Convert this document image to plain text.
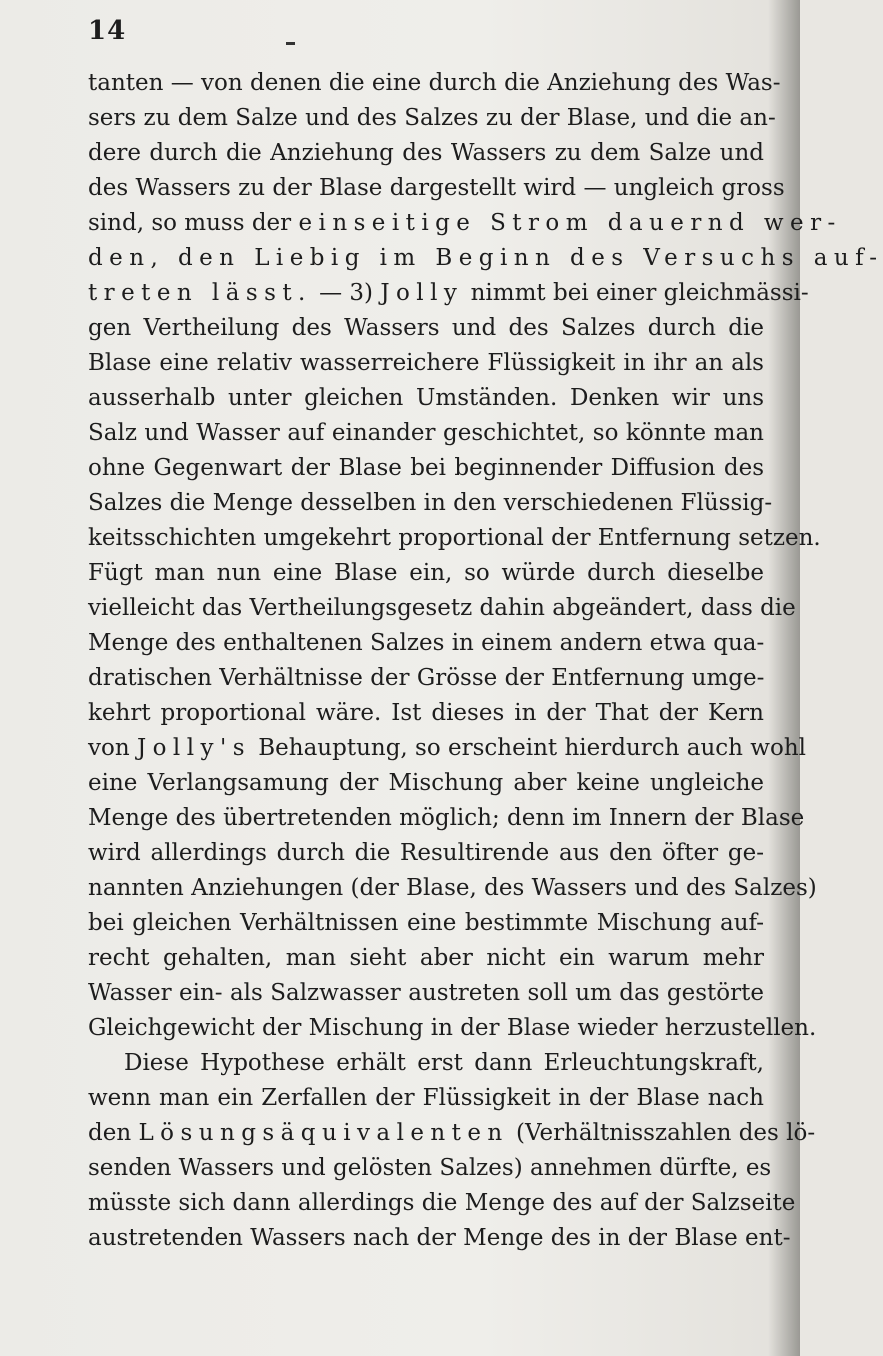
14
tanten — von denen die eine durch die Anziehung des Was-
sers zu dem Salze und des Salzes zu der Blase, und die an-
dere durch die Anziehung des Wassers zu dem Salze und
des Wassers zu der Blase dargestellt wird — ungleich gross
sind, so muss der einseitige Strom dauernd wer-
den, den Liebig im Beginn des Versuchs auf-
treten lässt. — 3) Jolly nimmt bei einer gleichmässi-
gen Vertheilung des Wassers und des Salzes durch die
Blase eine relativ wasserreichere Flüssigkeit in ihr an als
ausserhalb unter gleichen Umständen. Denken wir uns
Salz und Wasser auf einander geschichtet, so könnte man
ohne Gegenwart der Blase bei beginnender Diffusion des
Salzes die Menge desselben in den verschiedenen Flüssig-
keitsschichten umgekehrt proportional der Entfernung setzen.
Fügt man nun eine Blase ein, so würde durch dieselbe
vielleicht das Vertheilungsgesetz dahin abgeändert, dass die
Menge des enthaltenen Salzes in einem andern etwa qua-
dratischen Verhältnisse der Grösse der Entfernung umge-
kehrt proportional wäre. Ist dieses in der That der Kern
von Jolly's Behauptung, so erscheint hierdurch auch wohl
eine Verlangsamung der Mischung aber keine ungleiche
Menge des übertretenden möglich; denn im Innern der Blase
wird allerdings durch die Resultirende aus den öfter ge-
nannten Anziehungen (der Blase, des Wassers und des Salzes)
bei gleichen Verhältnissen eine bestimmte Mischung auf-
recht gehalten, man sieht aber nicht ein warum mehr
Wasser ein- als Salzwasser austreten soll um das gestörte
Gleichgewicht der Mischung in der Blase wieder herzustellen.
Diese Hypothese erhält erst dann Erleuchtungskraft,
wenn man ein Zerfallen der Flüssigkeit in der Blase nach
den Lösungsäquivalenten (Verhältnisszahlen des lö-
senden Wassers und gelösten Salzes) annehmen dürfte, es
müsste sich dann allerdings die Menge des auf der Salzseite
austretenden Wassers nach der Menge des in der Blase ent-
